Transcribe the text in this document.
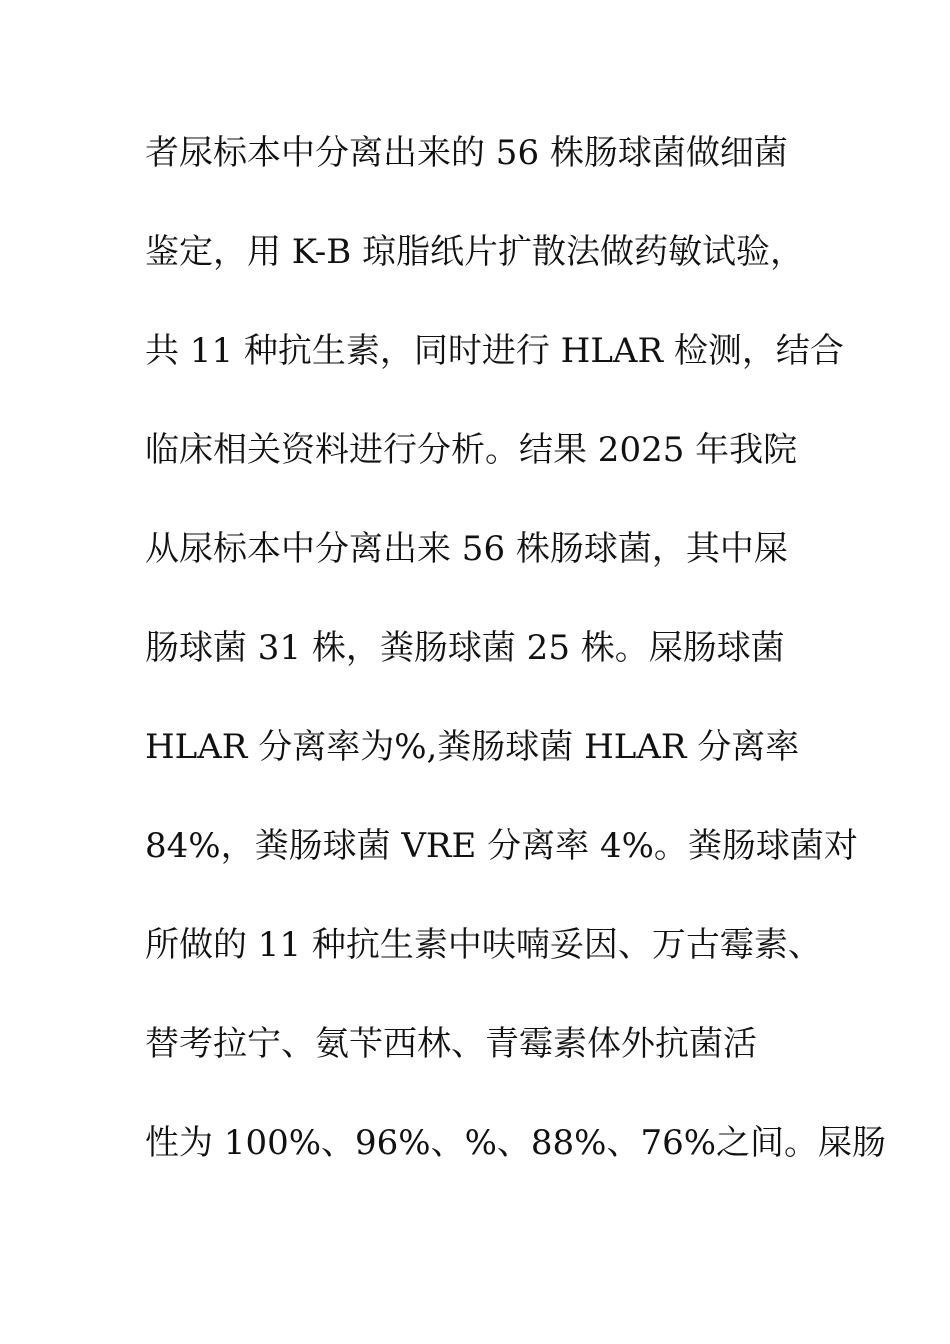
者尿标本中分离出来的 56 株肠球菌做细菌
鉴定，用 K-B 琼脂纸片扩散法做药敏试验，
共 11 种抗生素，同时进行 HLAR 检测，结合
临床相关资料进行分析。结果 2025 年我院
从尿标本中分离出来 56 株肠球菌，其中屎
肠球菌 31 株，粪肠球菌 25 株。屎肠球菌
HLAR 分离率为%,粪肠球菌 HLAR 分离率
84%，粪肠球菌 VRE 分离率 4%。粪肠球菌对
所做的 11 种抗生素中呋喃妥因、万古霉素、
替考拉宁、氨苄西林、青霉素体外抗菌活
性为 100%、96%、%、88%、76%之间。屎肠
